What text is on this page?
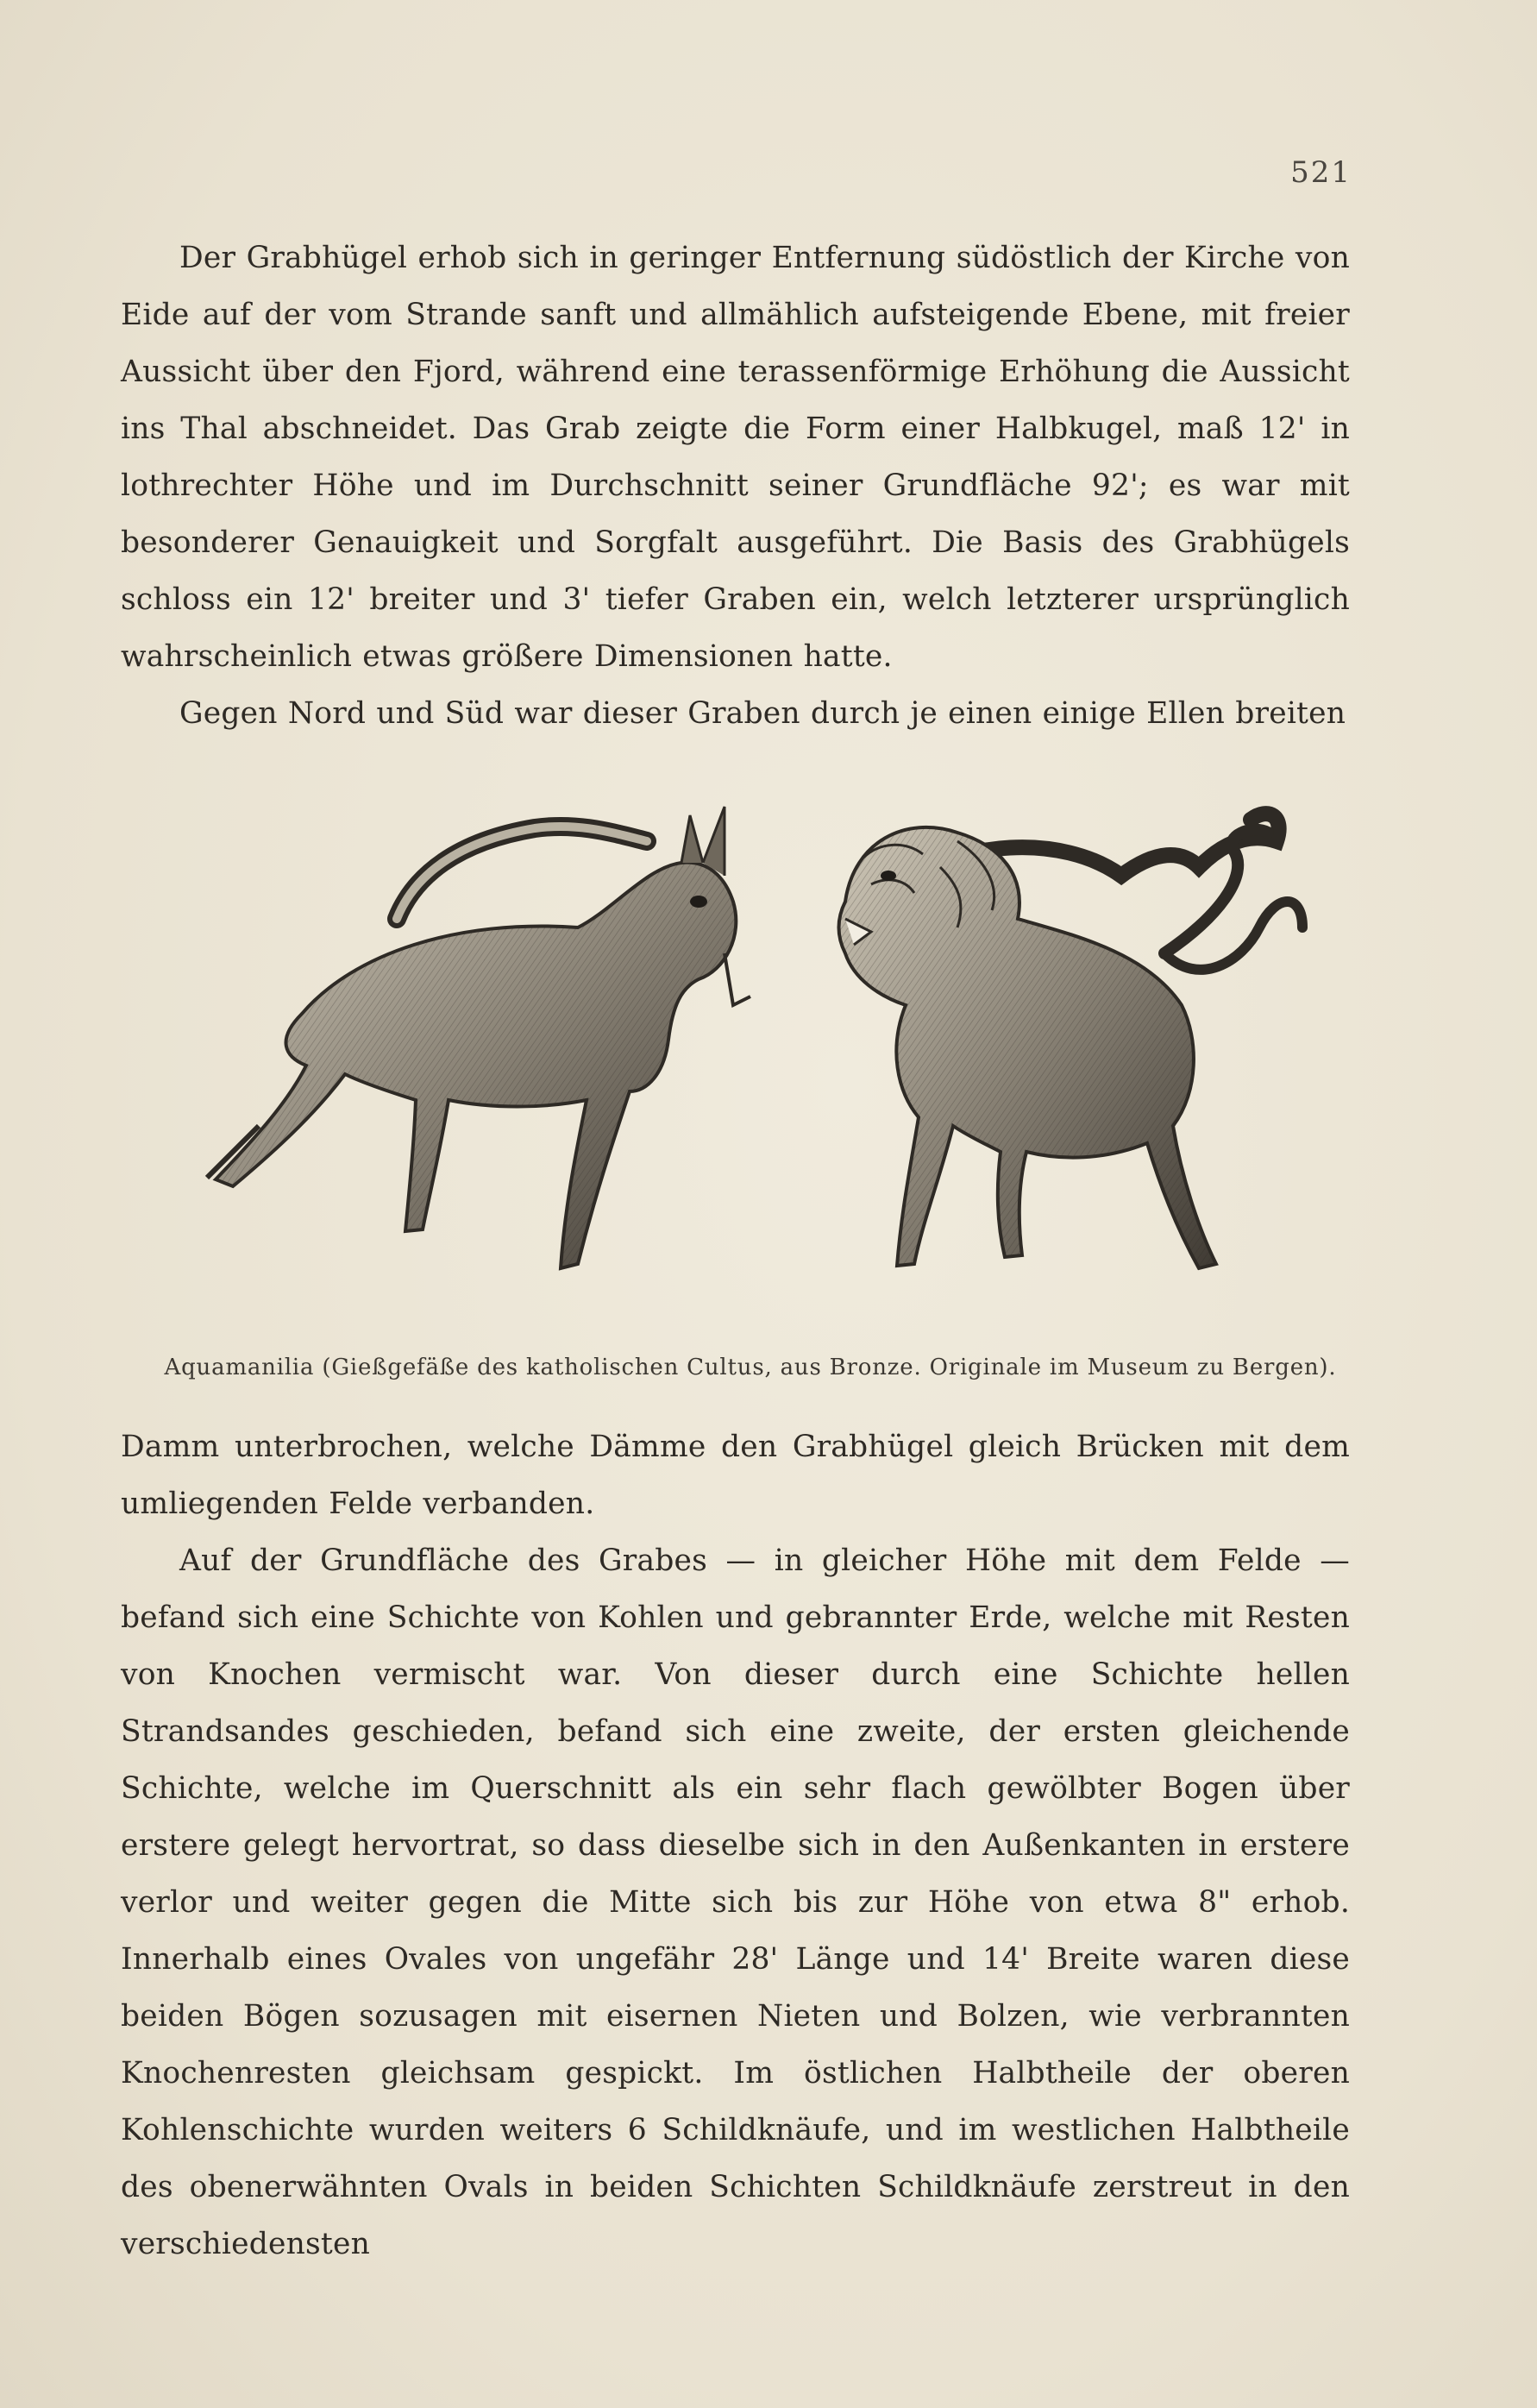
521

Der Grabhügel erhob sich in geringer Entfernung südöstlich der Kirche von Eide auf der vom Strande sanft und allmählich aufsteigende Ebene, mit freier Aussicht über den Fjord, während eine terassenförmige Erhöhung die Aussicht ins Thal abschneidet. Das Grab zeigte die Form einer Halbkugel, maß 12' in lothrechter Höhe und im Durchschnitt seiner Grundfläche 92'; es war mit besonderer Genauigkeit und Sorgfalt ausgeführt. Die Basis des Grabhügels schloss ein 12' breiter und 3' tiefer Graben ein, welch letzterer ursprünglich wahrscheinlich etwas größere Dimensionen hatte.

Gegen Nord und Süd war dieser Graben durch je einen einige Ellen breiten

Aquamanilia (Gießgefäße des katholischen Cultus, aus Bronze. Originale im Museum zu Bergen).

Damm unterbrochen, welche Dämme den Grabhügel gleich Brücken mit dem umliegenden Felde verbanden.

Auf der Grundfläche des Grabes — in gleicher Höhe mit dem Felde — befand sich eine Schichte von Kohlen und gebrannter Erde, welche mit Resten von Knochen vermischt war. Von dieser durch eine Schichte hellen Strandsandes geschieden, befand sich eine zweite, der ersten gleichende Schichte, welche im Querschnitt als ein sehr flach gewölbter Bogen über erstere gelegt hervortrat, so dass dieselbe sich in den Außenkanten in erstere verlor und weiter gegen die Mitte sich bis zur Höhe von etwa 8" erhob. Innerhalb eines Ovales von ungefähr 28' Länge und 14' Breite waren diese beiden Bögen sozusagen mit eisernen Nieten und Bolzen, wie verbrannten Knochenresten gleichsam gespickt. Im östlichen Halbtheile der oberen Kohlenschichte wurden weiters 6 Schildknäufe, und im westlichen Halbtheile des obenerwähnten Ovals in beiden Schichten Schildknäufe zerstreut in den verschiedensten
